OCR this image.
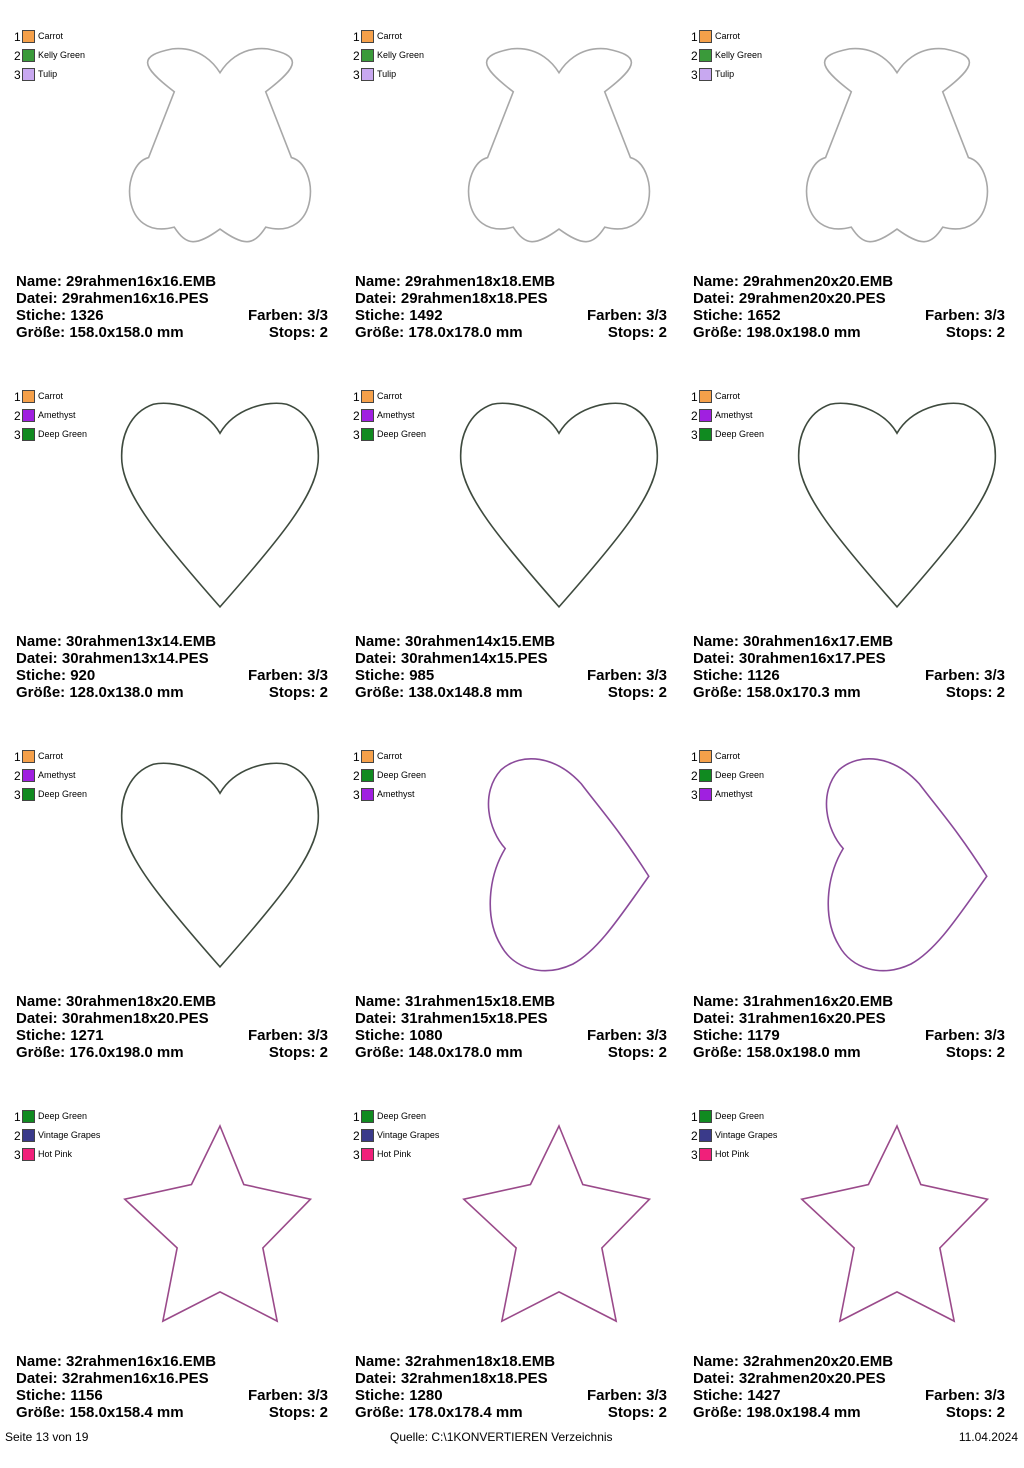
1 Carrot
2 Kelly Green
3 Tulip
Name: 29rahmen16x16.EMB
Datei: 29rahmen16x16.PES
Stiche: 1326	Farben: 3/3
Größe: 158.0x158.0 mm	Stops: 2
1 Carrot
2 Kelly Green
3 Tulip
Name: 29rahmen18x18.EMB
Datei: 29rahmen18x18.PES
Stiche: 1492	Farben: 3/3
Größe: 178.0x178.0 mm	Stops: 2
1 Carrot
2 Kelly Green
3 Tulip
Name: 29rahmen20x20.EMB
Datei: 29rahmen20x20.PES
Stiche: 1652	Farben: 3/3
Größe: 198.0x198.0 mm	Stops: 2
1 Carrot
2 Amethyst
3 Deep Green
Name: 30rahmen13x14.EMB
Datei: 30rahmen13x14.PES
Stiche: 920	Farben: 3/3
Größe: 128.0x138.0 mm	Stops: 2
1 Carrot
2 Amethyst
3 Deep Green
Name: 30rahmen14x15.EMB
Datei: 30rahmen14x15.PES
Stiche: 985	Farben: 3/3
Größe: 138.0x148.8 mm	Stops: 2
1 Carrot
2 Amethyst
3 Deep Green
Name: 30rahmen16x17.EMB
Datei: 30rahmen16x17.PES
Stiche: 1126	Farben: 3/3
Größe: 158.0x170.3 mm	Stops: 2
1 Carrot
2 Amethyst
3 Deep Green
Name: 30rahmen18x20.EMB
Datei: 30rahmen18x20.PES
Stiche: 1271	Farben: 3/3
Größe: 176.0x198.0 mm	Stops: 2
1 Carrot
2 Deep Green
3 Amethyst
Name: 31rahmen15x18.EMB
Datei: 31rahmen15x18.PES
Stiche: 1080	Farben: 3/3
Größe: 148.0x178.0 mm	Stops: 2
1 Carrot
2 Deep Green
3 Amethyst
Name: 31rahmen16x20.EMB
Datei: 31rahmen16x20.PES
Stiche: 1179	Farben: 3/3
Größe: 158.0x198.0 mm	Stops: 2
1 Deep Green
2 Vintage Grapes
3 Hot Pink
Name: 32rahmen16x16.EMB
Datei: 32rahmen16x16.PES
Stiche: 1156	Farben: 3/3
Größe: 158.0x158.4 mm	Stops: 2
1 Deep Green
2 Vintage Grapes
3 Hot Pink
Name: 32rahmen18x18.EMB
Datei: 32rahmen18x18.PES
Stiche: 1280	Farben: 3/3
Größe: 178.0x178.4 mm	Stops: 2
1 Deep Green
2 Vintage Grapes
3 Hot Pink
Name: 32rahmen20x20.EMB
Datei: 32rahmen20x20.PES
Stiche: 1427	Farben: 3/3
Größe: 198.0x198.4 mm	Stops: 2
Seite 13 von 19	Quelle: C:\1KONVERTIEREN Verzeichnis	11.04.2024
